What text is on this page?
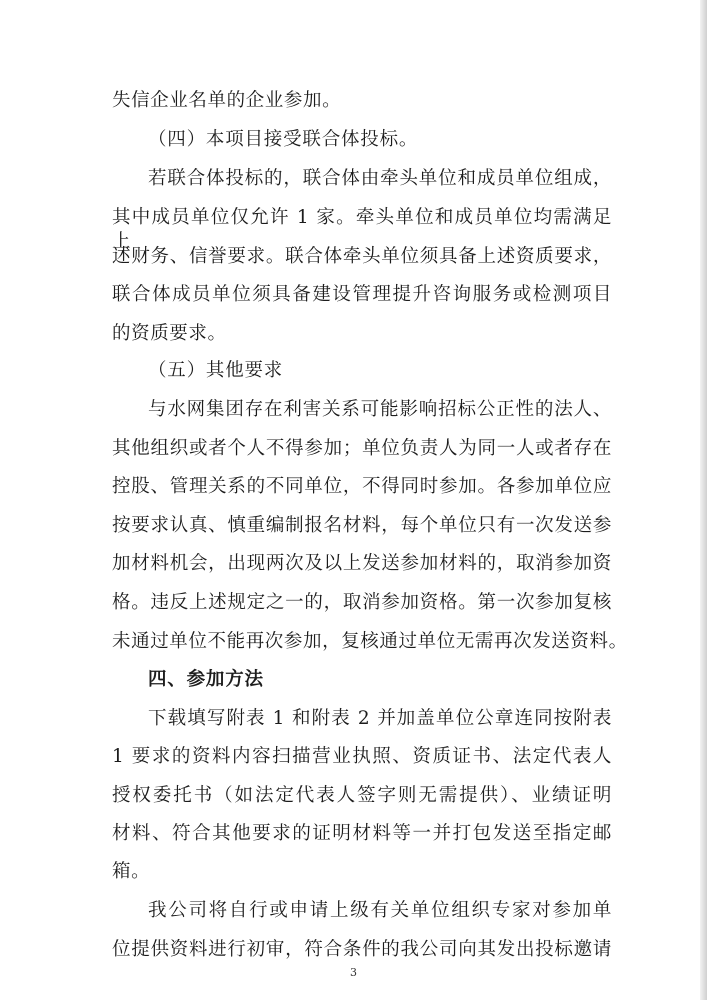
失信企业名单的企业参加。
（四）本项目接受联合体投标。
若联合体投标的，联合体由牵头单位和成员单位组成，
其中成员单位仅允许 1 家。牵头单位和成员单位均需满足上
述财务、信誉要求。联合体牵头单位须具备上述资质要求，
联合体成员单位须具备建设管理提升咨询服务或检测项目
的资质要求。
（五）其他要求
与水网集团存在利害关系可能影响招标公正性的法人、
其他组织或者个人不得参加；单位负责人为同一人或者存在
控股、管理关系的不同单位，不得同时参加。各参加单位应
按要求认真、慎重编制报名材料，每个单位只有一次发送参
加材料机会，出现两次及以上发送参加材料的，取消参加资
格。违反上述规定之一的，取消参加资格。第一次参加复核
未通过单位不能再次参加，复核通过单位无需再次发送资料。
四、参加方法
下载填写附表 1 和附表 2 并加盖单位公章连同按附表
1 要求的资料内容扫描营业执照、资质证书、法定代表人
授权委托书（如法定代表人签字则无需提供）、业绩证明
材料、符合其他要求的证明材料等一并打包发送至指定邮
箱。
我公司将自行或申请上级有关单位组织专家对参加单
位提供资料进行初审，符合条件的我公司向其发出投标邀请
3
